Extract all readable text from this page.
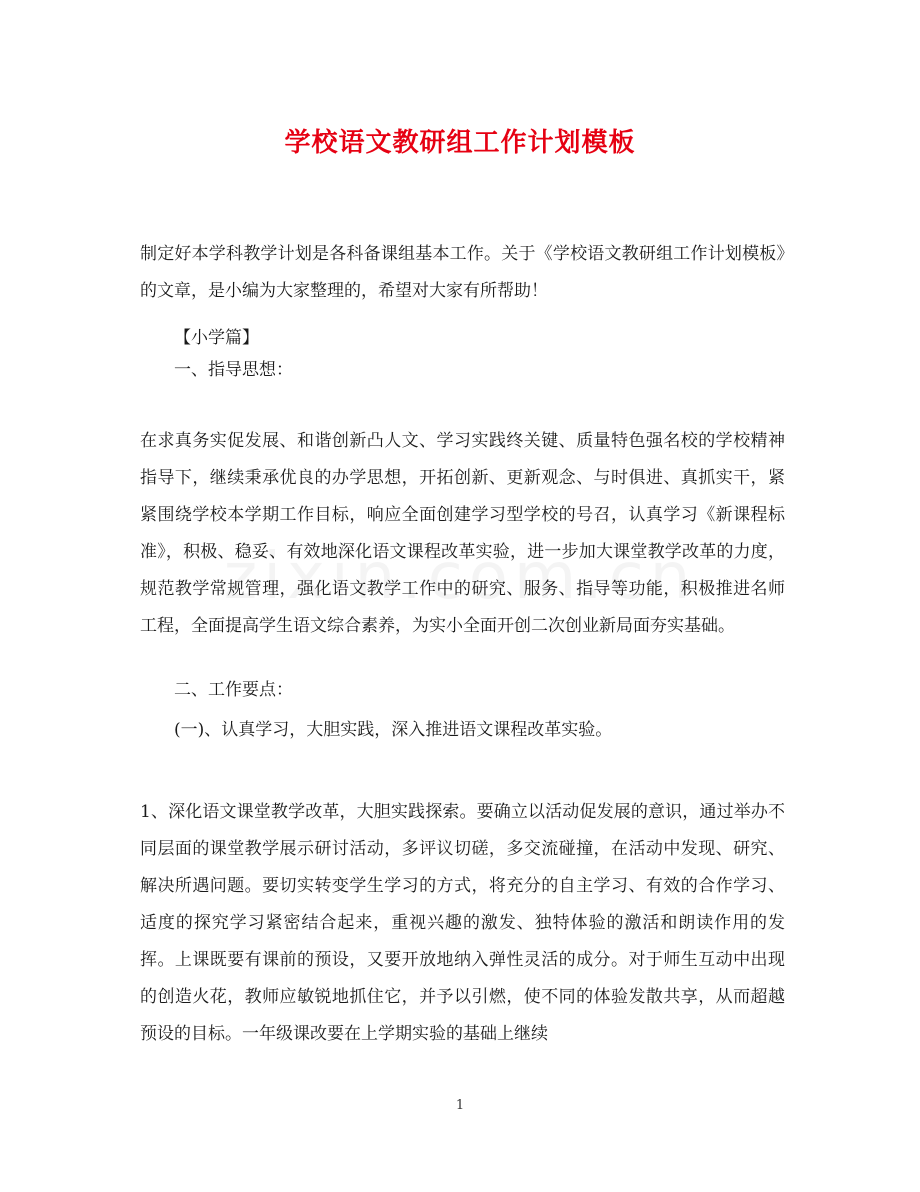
学校语文教研组工作计划模板

制定好本学科教学计划是各科备课组基本工作。关于《学校语文教研组工作计划模板》的文章，是小编为大家整理的，希望对大家有所帮助！

【小学篇】

一、指导思想：

在求真务实促发展、和谐创新凸人文、学习实践终关键、质量特色强名校的学校精神指导下，继续秉承优良的办学思想，开拓创新、更新观念、与时俱进、真抓实干，紧紧围绕学校本学期工作目标，响应全面创建学习型学校的号召，认真学习《新课程标准》，积极、稳妥、有效地深化语文课程改革实验，进一步加大课堂教学改革的力度，规范教学常规管理，强化语文教学工作中的研究、服务、指导等功能，积极推进名师工程，全面提高学生语文综合素养，为实小全面开创二次创业新局面夯实基础。

二、工作要点：

(一)、认真学习，大胆实践，深入推进语文课程改革实验。

1、深化语文课堂教学改革，大胆实践探索。要确立以活动促发展的意识，通过举办不同层面的课堂教学展示研讨活动，多评议切磋，多交流碰撞，在活动中发现、研究、解决所遇问题。要切实转变学生学习的方式，将充分的自主学习、有效的合作学习、适度的探究学习紧密结合起来，重视兴趣的激发、独特体验的激活和朗读作用的发挥。上课既要有课前的预设，又要开放地纳入弹性灵活的成分。对于师生互动中出现的创造火花，教师应敏锐地抓住它，并予以引燃，使不同的体验发散共享，从而超越预设的目标。一年级课改要在上学期实验的基础上继续

1
